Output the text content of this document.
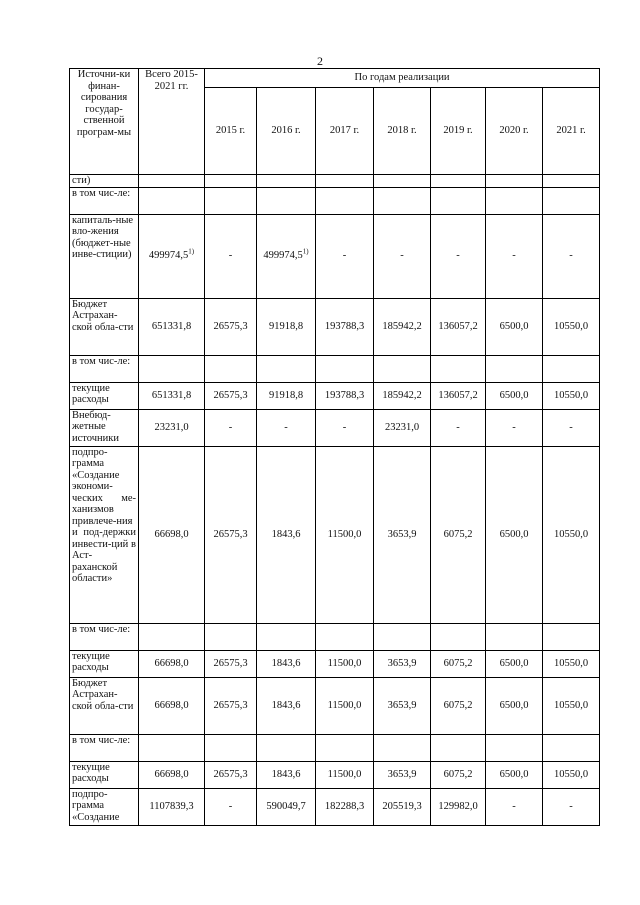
2
Источни-ки финан-сирования государ-ственной програм-мы	Всего 2015-2021 гг.	По годам реализации						
		2015 г.	2016 г.	2017 г.	2018 г.	2019 г.	2020 г.	2021 г.
сти)								
в том чис-ле:								
капиталь-ные вло-жения (бюджет-ные инве-стиции)	499974,5$^{1)}$	-	499974,5$^{1)}$	-	-	-	-	-
Бюджет Астрахан-ской обла-сти	651331,8	26575,3	91918,8	193788,3	185942,2	136057,2	6500,0	10550,0
в том чис-ле:								
текущие расходы	651331,8	26575,3	91918,8	193788,3	185942,2	136057,2	6500,0	10550,0
Внебюд-жетные источники	23231,0	-	-	-	23231,0	-	-	-
подпро-грамма «Создание экономи-ческих ме-ханизмов привлече-ния и под-держки инвести-ций в Аст-раханской области»	66698,0	26575,3	1843,6	11500,0	3653,9	6075,2	6500,0	10550,0
в том чис-ле:								
текущие расходы	66698,0	26575,3	1843,6	11500,0	3653,9	6075,2	6500,0	10550,0
Бюджет Астрахан-ской обла-сти	66698,0	26575,3	1843,6	11500,0	3653,9	6075,2	6500,0	10550,0
в том чис-ле:								
текущие расходы	66698,0	26575,3	1843,6	11500,0	3653,9	6075,2	6500,0	10550,0
подпро-грамма «Создание	1107839,3	-	590049,7	182288,3	205519,3	129982,0	-	-
